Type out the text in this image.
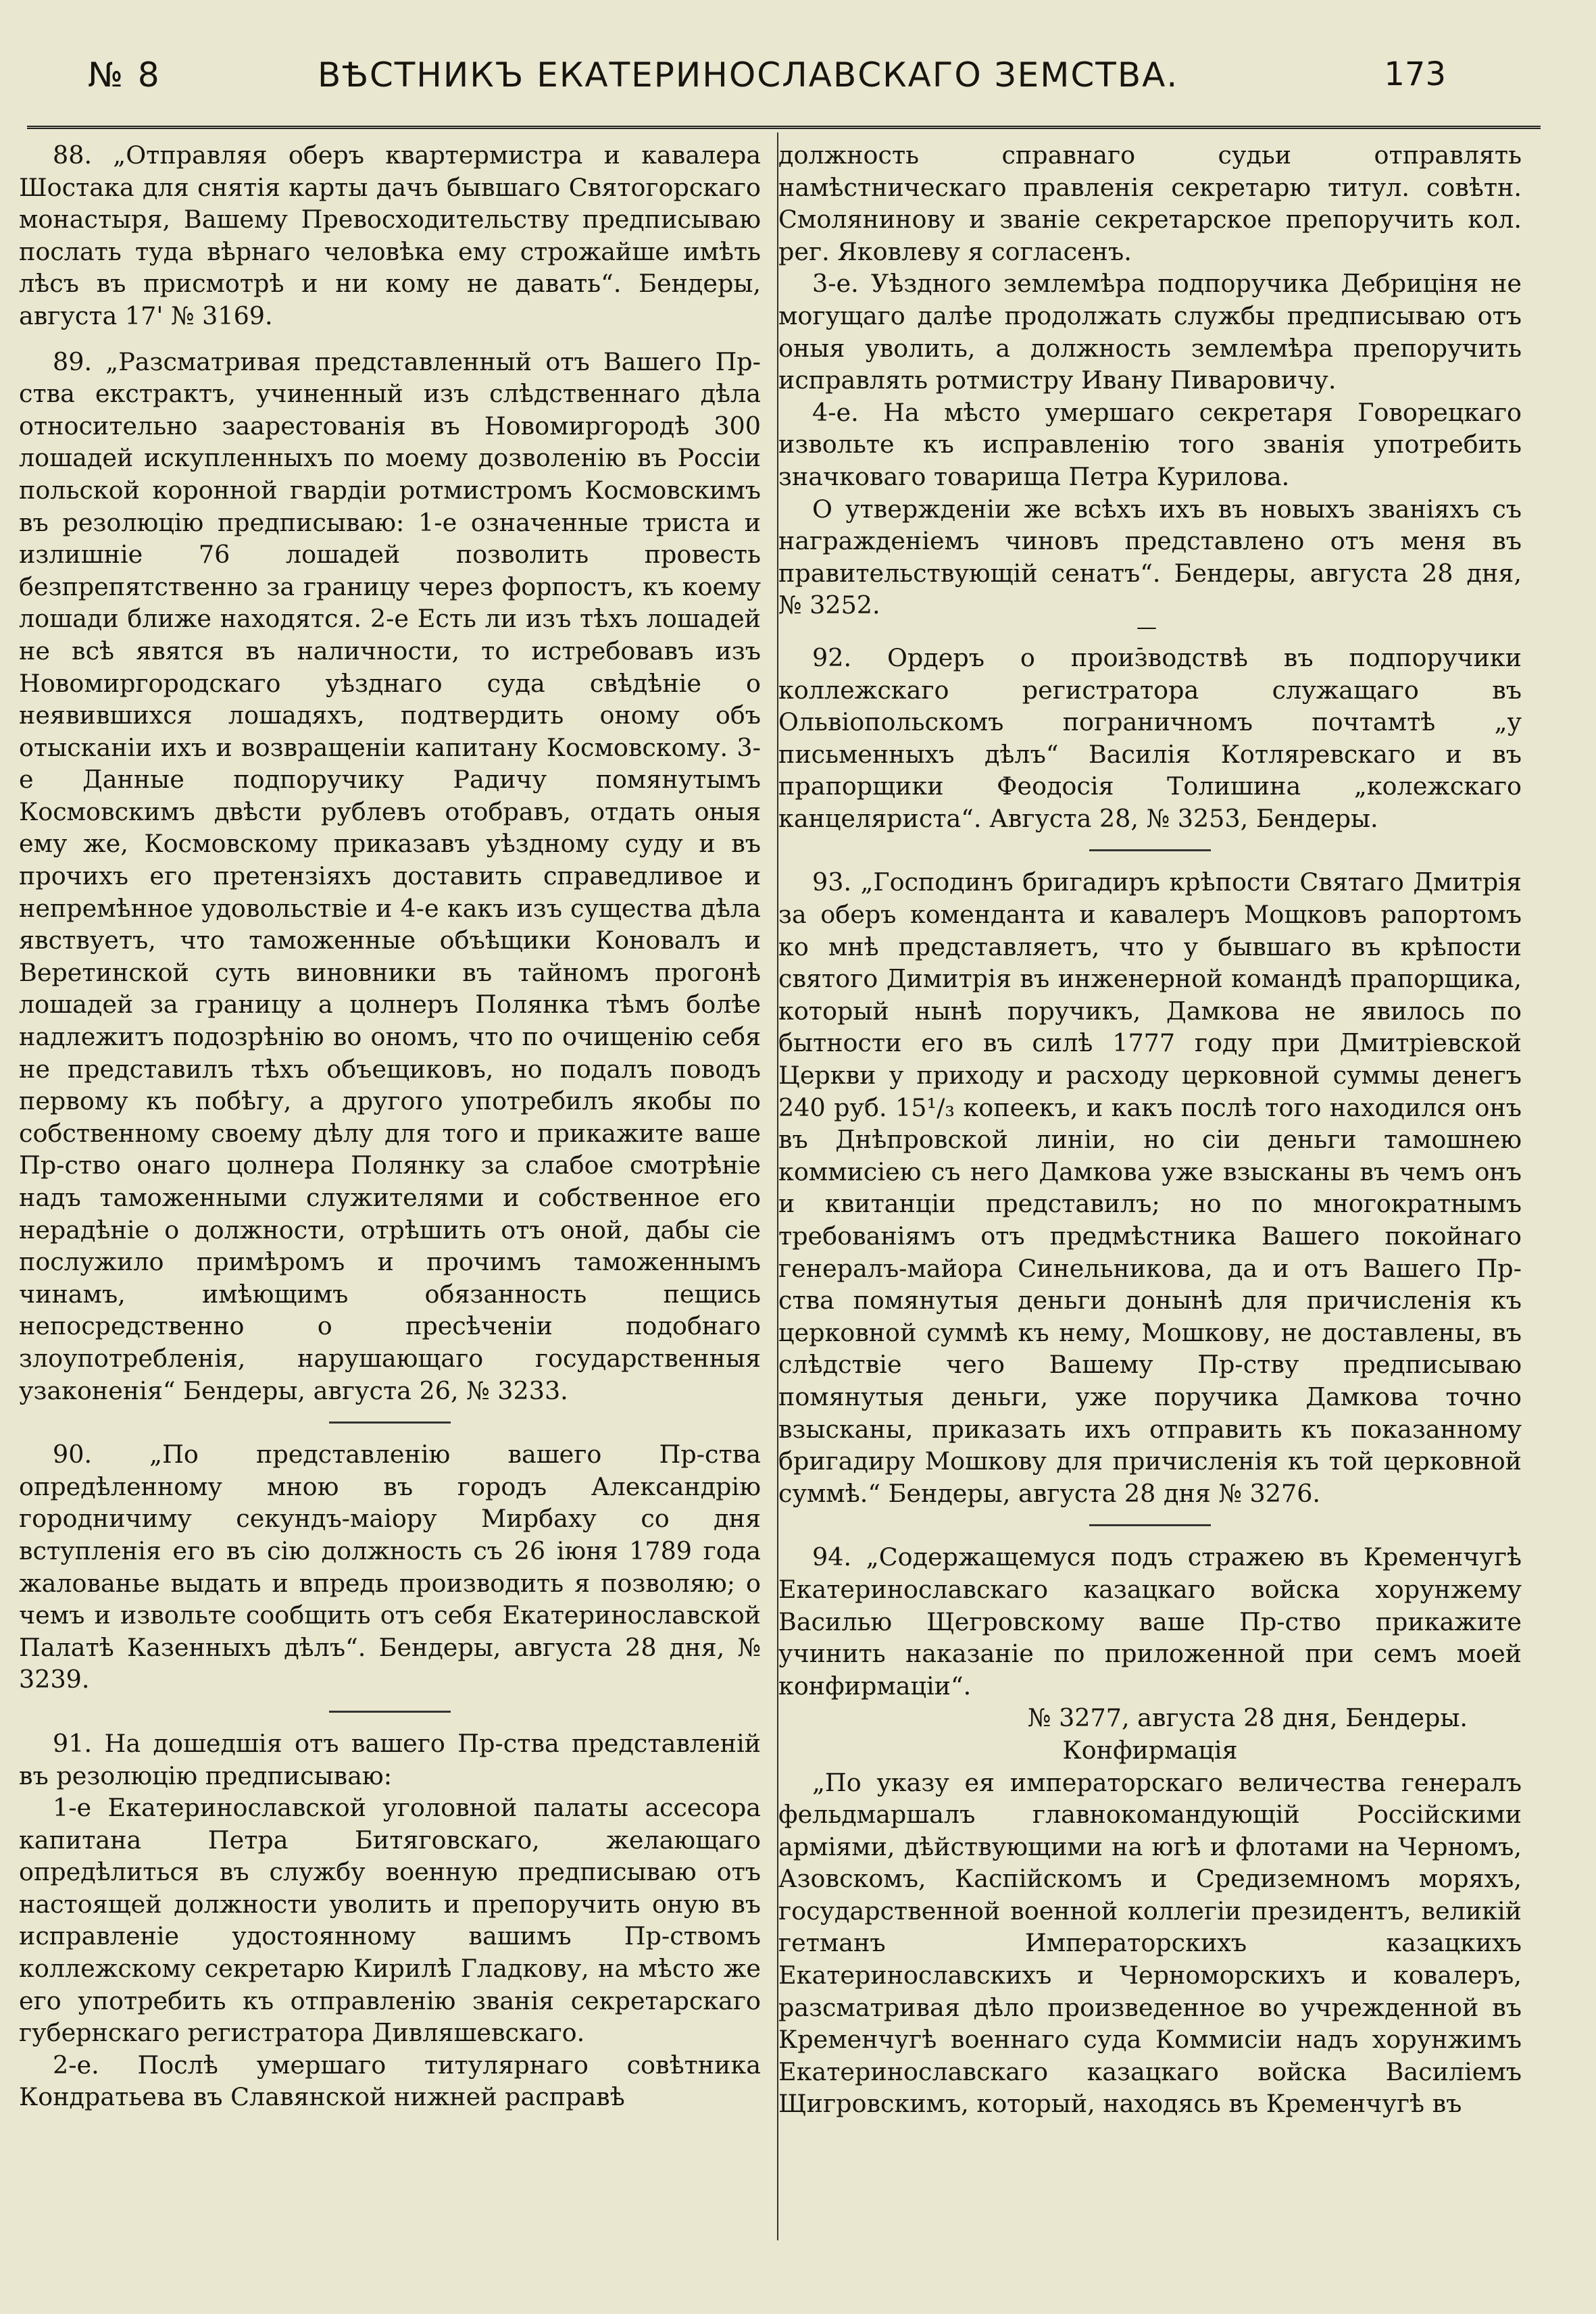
№ 8	ВѢСТНИКЪ ЕКАТЕРИНОСЛАВСКАГО ЗЕМСТВА.	173

88. „Отправляя оберъ квартермистра и кавалера Шостака для снятія карты дачъ бывшаго Святогорскаго монастыря, Вашему Превосходительству предписываю послать туда вѣрнаго человѣка ему строжайше имѣть лѣсъ въ присмотрѣ и ни кому не давать“. Бендеры, августа 17' № 3169.

89. „Разсматривая представленный отъ Вашего Пр-ства екстрактъ, учиненный изъ слѣдственнаго дѣла относительно заарестованія въ Новомиргородѣ 300 лошадей искупленныхъ по моему дозволенію въ Россіи польской коронной гвардіи ротмистромъ Космовскимъ въ резолюцію предписываю: 1-е означенные триста и излишніе 76 лошадей позволить провесть безпрепятственно за границу через форпостъ, къ коему лошади ближе находятся. 2-е Есть ли изъ тѣхъ лошадей не всѣ явятся въ наличности, то истребовавъ изъ Новомиргородскаго уѣзднаго суда свѣдѣніе о неявившихся лошадяхъ, подтвердить оному объ отысканіи ихъ и возвращеніи капитану Космовскому. 3-е Данные подпоручику Радичу помянутымъ Космовскимъ двѣсти рублевъ отобравъ, отдать оныя ему же, Космовскому приказавъ уѣздному суду и въ прочихъ его претензіяхъ доставить справедливое и непремѣнное удовольствіе и 4-е какъ изъ существа дѣла явствуетъ, что таможенные объѣщики Коновалъ и Веретинской суть виновники въ тайномъ прогонѣ лошадей за границу а цолнеръ Полянка тѣмъ болѣе надлежитъ подозрѣнію во ономъ, что по очищенію себя не представилъ тѣхъ объещиковъ, но подалъ поводъ первому къ побѣгу, а другого употребилъ якобы по собственному своему дѣлу для того и прикажите ваше Пр-ство онаго цолнера Полянку за слабое смотрѣніе надъ таможенными служителями и собственное его нерадѣніе о должности, отрѣшить отъ оной, дабы сіе послужило примѣромъ и прочимъ таможеннымъ чинамъ, имѣющимъ обязанность пещись непосредственно о пресѣченіи подобнаго злоупотребленія, нарушающаго государственныя узаконенія“ Бендеры, августа 26, № 3233.

90. „По представленію вашего Пр-ства опредѣленному мною въ городъ Александрію городничиму секундъ-маіору Мирбаху со дня вступленія его въ сію должность съ 26 іюня 1789 года жалованье выдать и впредь производить я позволяю; о чемъ и извольте сообщить отъ себя Екатеринославской Палатѣ Казенныхъ дѣлъ“. Бендеры, августа 28 дня, № 3239.

91. На дошедшія отъ вашего Пр-ства представленій въ резолюцію предписываю:

1-е Екатеринославской уголовной палаты ассесора капитана Петра Битяговскаго, желающаго опредѣлиться въ службу военную предписываю отъ настоящей должности уволить и препоручить оную въ исправленіе удостоянному вашимъ Пр-ствомъ коллежскому секретарю Кирилѣ Гладкову, на мѣсто же его употребить къ отправленію званія секретарскаго губернскаго регистратора Дивляшевскаго.

2-е. Послѣ умершаго титулярнаго совѣтника Кондратьева въ Славянской нижней расправѣ

должность справнаго судьи отправлять намѣстническаго правленія секретарю титул. совѣтн. Смолянинову и званіе секретарское препоручить кол. рег. Яковлеву я согласенъ.

3-е. Уѣздного землемѣра подпоручика Дебриціня не могущаго далѣе продолжать службы предписываю отъ оныя уволить, а должность землемѣра препоручить исправлять ротмистру Ивану Пиваровичу.

4-е. На мѣсто умершаго секретаря Говорецкаго извольте къ исправленію того званія употребить значковаго товарища Петра Курилова.

О утвержденіи же всѣхъ ихъ въ новыхъ званіяхъ съ награжденіемъ чиновъ представлено отъ меня въ правительствующій сенатъ“. Бендеры, августа 28 дня, № 3252.

— -

92. Ордеръ о производствѣ въ подпоручики коллежскаго регистратора служащаго въ Ольвіопольскомъ пограничномъ почтамтѣ „у письменныхъ дѣлъ“ Василія Котляревскаго и въ прапорщики Феодосія Толишина „колежскаго канцеляриста“. Августа 28, № 3253, Бендеры.

93. „Господинъ бригадиръ крѣпости Святаго Дмитрія за оберъ коменданта и кавалеръ Мощковъ рапортомъ ко мнѣ представляетъ, что у бывшаго въ крѣпости святого Димитрія въ инженерной командѣ прапорщика, который нынѣ поручикъ, Дамкова не явилось по бытности его въ силѣ 1777 году при Дмитріевской Церкви у приходу и расходу церковной суммы денегъ 240 руб. 15¹/₃ копеекъ, и какъ послѣ того находился онъ въ Днѣпровской линіи, но сіи деньги тамошнею коммисіею съ него Дамкова уже взысканы въ чемъ онъ и квитанціи представилъ; но по многократнымъ требованіямъ отъ предмѣстника Вашего покойнаго генералъ-майора Синельникова, да и отъ Вашего Пр-ства помянутыя деньги донынѣ для причисленія къ церковной суммѣ къ нему, Мошкову, не доставлены, въ слѣдствіе чего Вашему Пр-ству предписываю помянутыя деньги, уже поручика Дамкова точно взысканы, приказать ихъ отправить къ показанному бригадиру Мошкову для причисленія къ той церковной суммѣ.“ Бендеры, августа 28 дня № 3276.

94. „Содержащемуся подъ стражею въ Кременчугѣ Екатеринославскаго казацкаго войска хорунжему Василью Щегровскому ваше Пр-ство прикажите учинить наказаніе по приложенной при семъ моей конфирмаціи“.

№ 3277, августа 28 дня, Бендеры.

Конфирмація

„По указу ея императорскаго величества генералъ фельдмаршалъ главнокомандующій Россійскими арміями, дѣйствующими на югѣ и флотами на Черномъ, Азовскомъ, Каспійскомъ и Средиземномъ моряхъ, государственной военной коллегіи президентъ, великій гетманъ Императорскихъ казацкихъ Екатеринославскихъ и Черноморскихъ и ковалеръ, разсматривая дѣло произведенное во учрежденной въ Кременчугѣ военнаго суда Коммисіи надъ хорунжимъ Екатеринославскаго казацкаго войска Василіемъ Щигровскимъ, который, находясь въ Кременчугѣ въ
